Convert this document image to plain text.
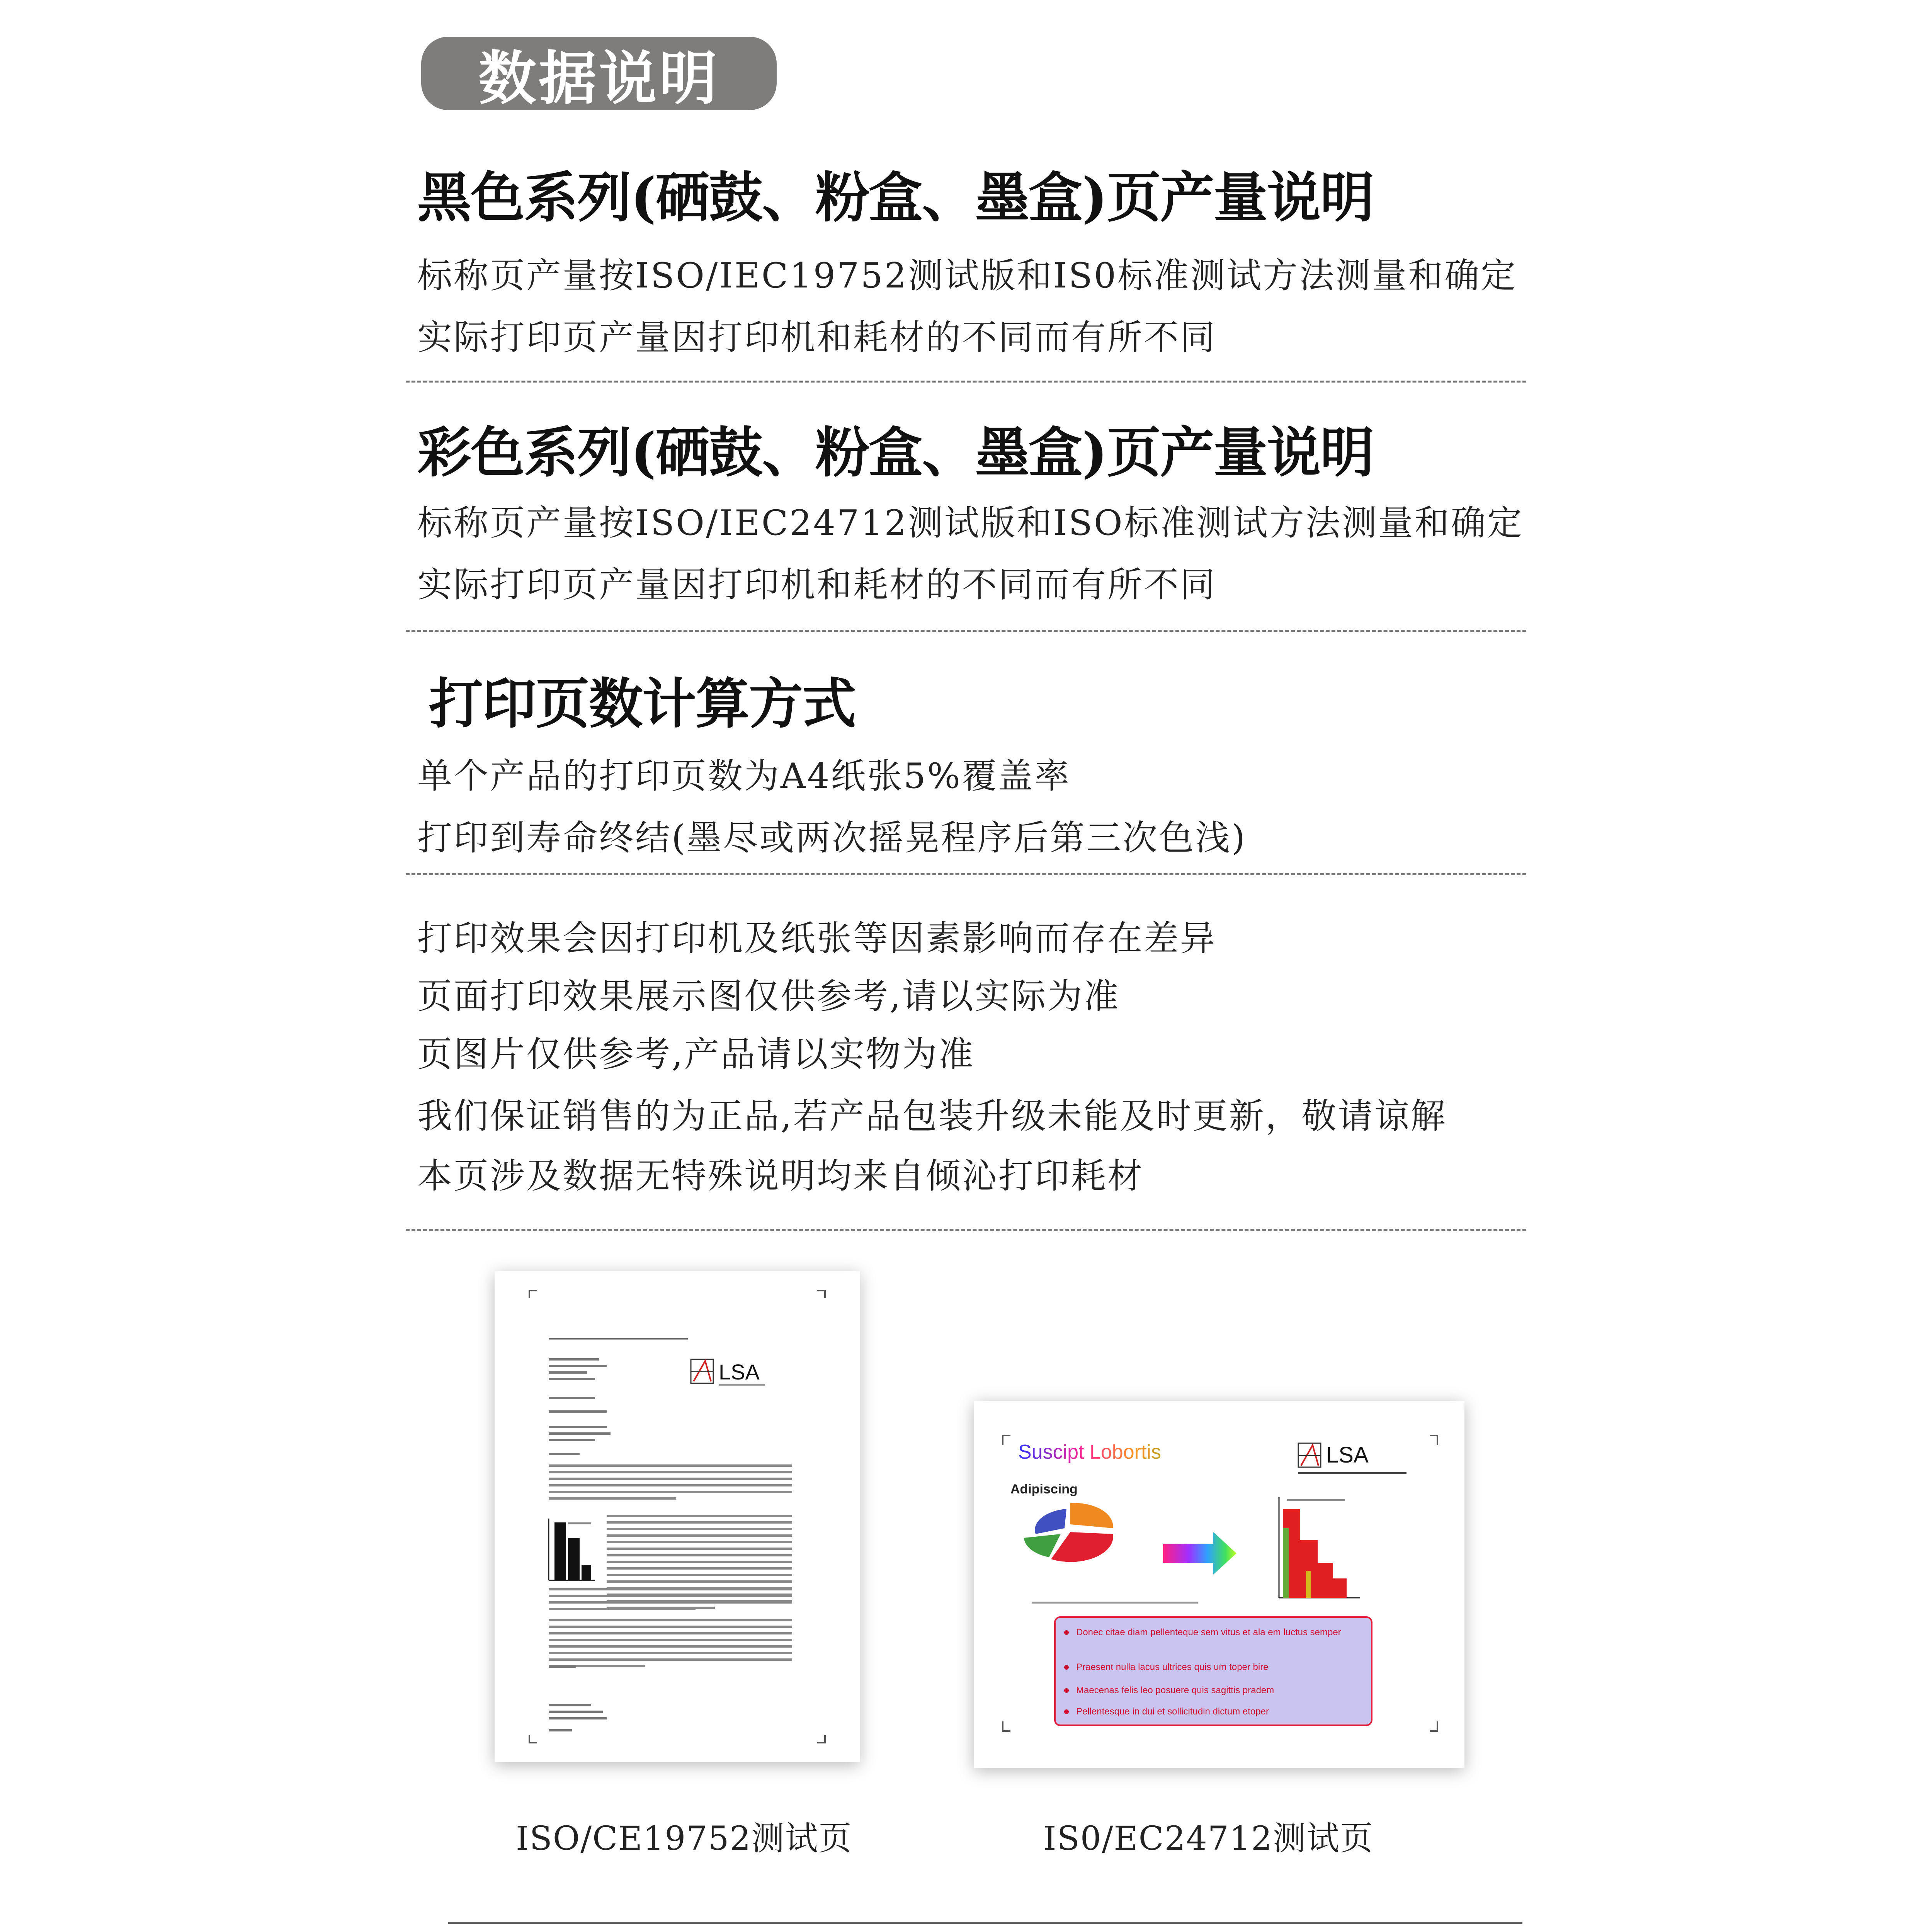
数据说明
黑色系列(硒鼓、粉盒、墨盒)页产量说明
标称页产量按ISO/IEC19752测试版和IS0标准测试方法测量和确定
实际打印页产量因打印机和耗材的不同而有所不同
彩色系列(硒鼓、粉盒、墨盒)页产量说明
标称页产量按ISO/IEC24712测试版和ISO标准测试方法测量和确定
实际打印页产量因打印机和耗材的不同而有所不同
打印页数计算方式
单个产品的打印页数为A4纸张5%覆盖率
打印到寿命终结(墨尽或两次摇晃程序后第三次色浅)
打印效果会因打印机及纸张等因素影响而存在差异
页面打印效果展示图仅供参考,请以实际为准
页图片仅供参考,产品请以实物为准
我们保证销售的为正品,若产品包装升级未能及时更新，敬请谅解
本页涉及数据无特殊说明均来自倾沁打印耗材
LSA
ISO/CE19752测试页
Suscipt Lobortis	LSA
Adipiscing
Donec citae diam pellenteque sem vitus et ala em luctus semper
Praesent nulla lacus ultrices quis um toper bire
Maecenas felis leo posuere quis sagittis pradem
Pellentesque in dui et sollicitudin dictum etoper
IS0/EC24712测试页
